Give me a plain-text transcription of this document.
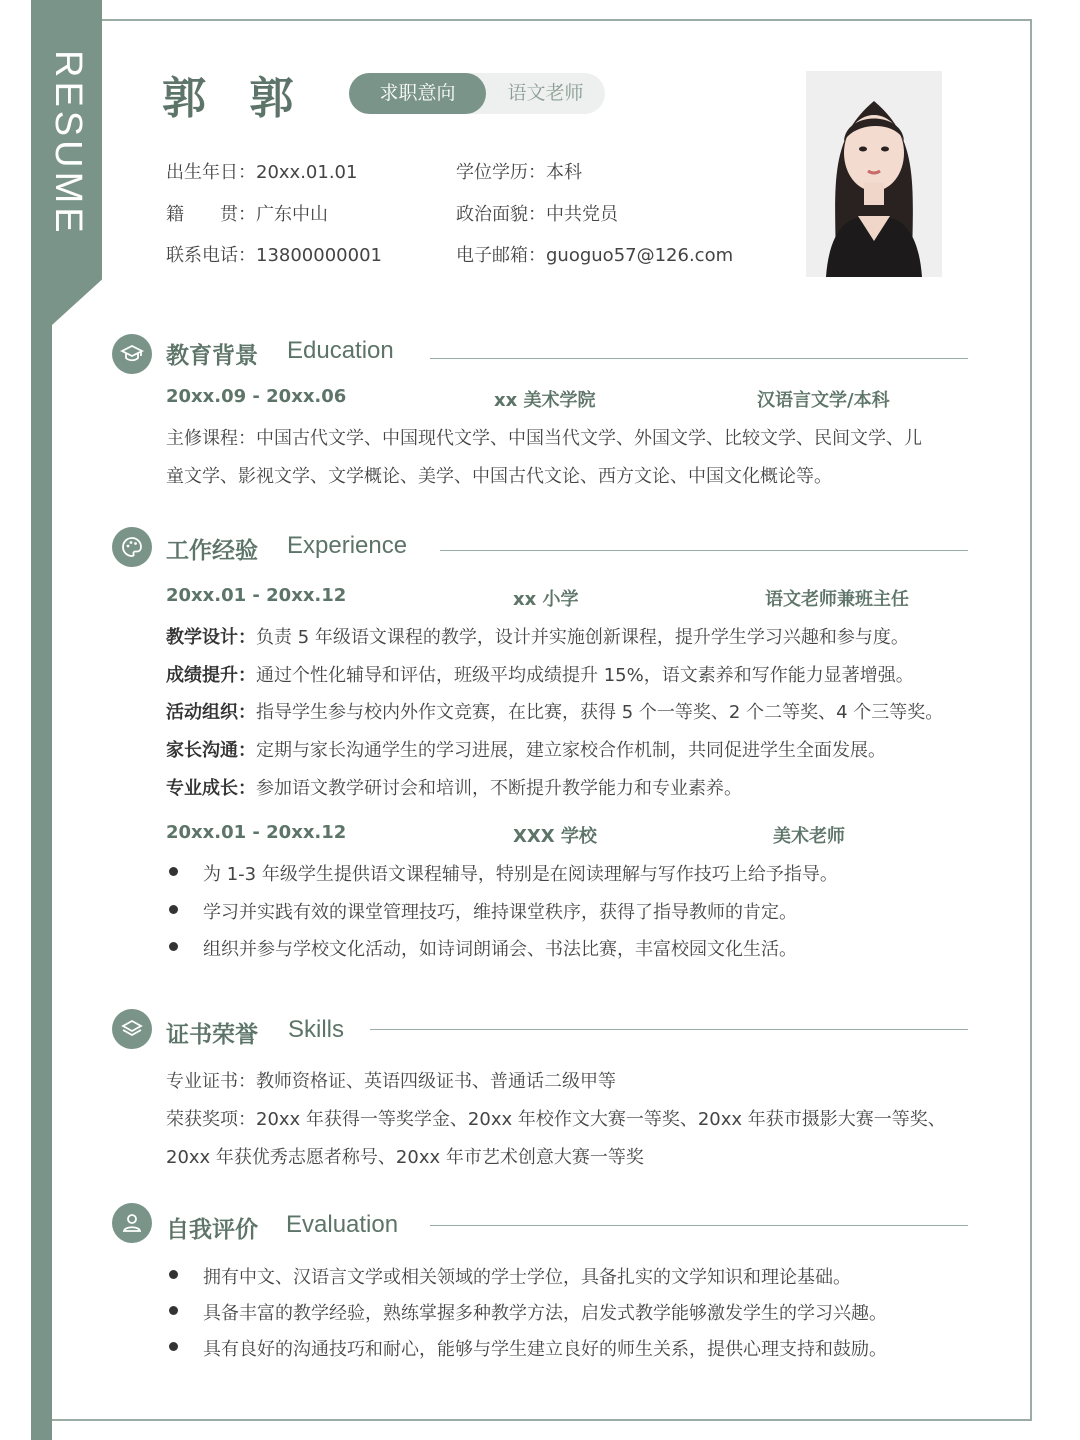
RESUME 郭 郭	求职意向	语文老师
出生年日：20xx.01.01	学位学历：本科
籍　　贯：广东中山	政治面貌：中共党员
联系电话：13800000001	电子邮箱：guoguo57@126.com
教育背景 Education
20xx.09 - 20xx.06	xx 美术学院	汉语言文学/本科
主修课程：中国古代文学、中国现代文学、中国当代文学、外国文学、比较文学、民间文学、儿
童文学、影视文学、文学概论、美学、中国古代文论、西方文论、中国文化概论等。
工作经验 Experience
20xx.01 - 20xx.12	xx 小学	语文老师兼班主任
教学设计：负责 5 年级语文课程的教学，设计并实施创新课程，提升学生学习兴趣和参与度。
成绩提升：通过个性化辅导和评估，班级平均成绩提升 15%，语文素养和写作能力显著增强。
活动组织：指导学生参与校内外作文竞赛，在比赛，获得 5 个一等奖、2 个二等奖、4 个三等奖。
家长沟通：定期与家长沟通学生的学习进展，建立家校合作机制，共同促进学生全面发展。
专业成长：参加语文教学研讨会和培训，不断提升教学能力和专业素养。
20xx.01 - 20xx.12	XXX 学校	美术老师
为 1-3 年级学生提供语文课程辅导，特别是在阅读理解与写作技巧上给予指导。
学习并实践有效的课堂管理技巧，维持课堂秩序，获得了指导教师的肯定。
组织并参与学校文化活动，如诗词朗诵会、书法比赛，丰富校园文化生活。
证书荣誉 Skills
专业证书：教师资格证、英语四级证书、普通话二级甲等
荣获奖项：20xx 年获得一等奖学金、20xx 年校作文大赛一等奖、20xx 年获市摄影大赛一等奖、
20xx 年获优秀志愿者称号、20xx 年市艺术创意大赛一等奖
自我评价 Evaluation
拥有中文、汉语言文学或相关领域的学士学位，具备扎实的文学知识和理论基础。
具备丰富的教学经验，熟练掌握多种教学方法，启发式教学能够激发学生的学习兴趣。
具有良好的沟通技巧和耐心，能够与学生建立良好的师生关系，提供心理支持和鼓励。
